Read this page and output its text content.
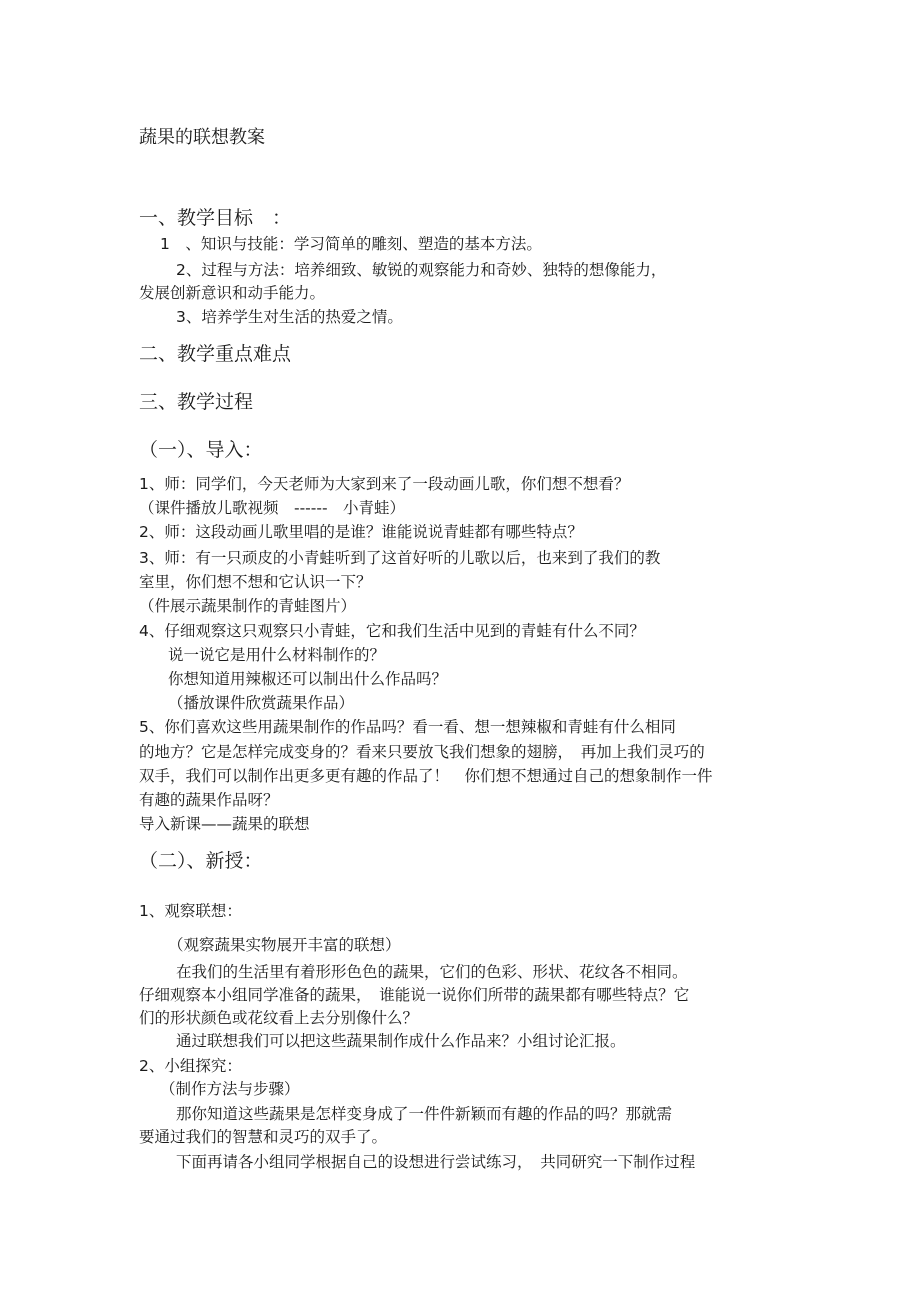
蔬果的联想教案
一、教学目标　：
1　、知识与技能：学习简单的雕刻、塑造的基本方法。
2、过程与方法：培养细致、敏锐的观察能力和奇妙、独特的想像能力，
发展创新意识和动手能力。
3、培养学生对生活的热爱之情。
二、教学重点难点
三、教学过程
（一）、导入：
1、师：同学们，今天老师为大家到来了一段动画儿歌，你们想不想看？
（课件播放儿歌视频　------　小青蛙）
2、师：这段动画儿歌里唱的是谁？谁能说说青蛙都有哪些特点？
3、师：有一只顽皮的小青蛙听到了这首好听的儿歌以后，也来到了我们的教
室里，你们想不想和它认识一下？
（件展示蔬果制作的青蛙图片）
4、仔细观察这只观察只小青蛙，它和我们生活中见到的青蛙有什么不同？
说一说它是用什么材料制作的？
你想知道用辣椒还可以制出什么作品吗？
（播放课件欣赏蔬果作品）
5、你们喜欢这些用蔬果制作的作品吗？看一看、想一想辣椒和青蛙有什么相同
的地方？它是怎样完成变身的？看来只要放飞我们想象的翅膀，　再加上我们灵巧的
双手，我们可以制作出更多更有趣的作品了！　你们想不想通过自己的想象制作一件
有趣的蔬果作品呀？
导入新课——蔬果的联想
（二）、新授：
1、观察联想：
（观察蔬果实物展开丰富的联想）
在我们的生活里有着形形色色的蔬果，它们的色彩、形状、花纹各不相同。
仔细观察本小组同学准备的蔬果，　谁能说一说你们所带的蔬果都有哪些特点？它
们的形状颜色或花纹看上去分别像什么？
通过联想我们可以把这些蔬果制作成什么作品来？小组讨论汇报。
2、小组探究：
（制作方法与步骤）
那你知道这些蔬果是怎样变身成了一件件新颖而有趣的作品的吗？那就需
要通过我们的智慧和灵巧的双手了。
下面再请各小组同学根据自己的设想进行尝试练习，　共同研究一下制作过程
